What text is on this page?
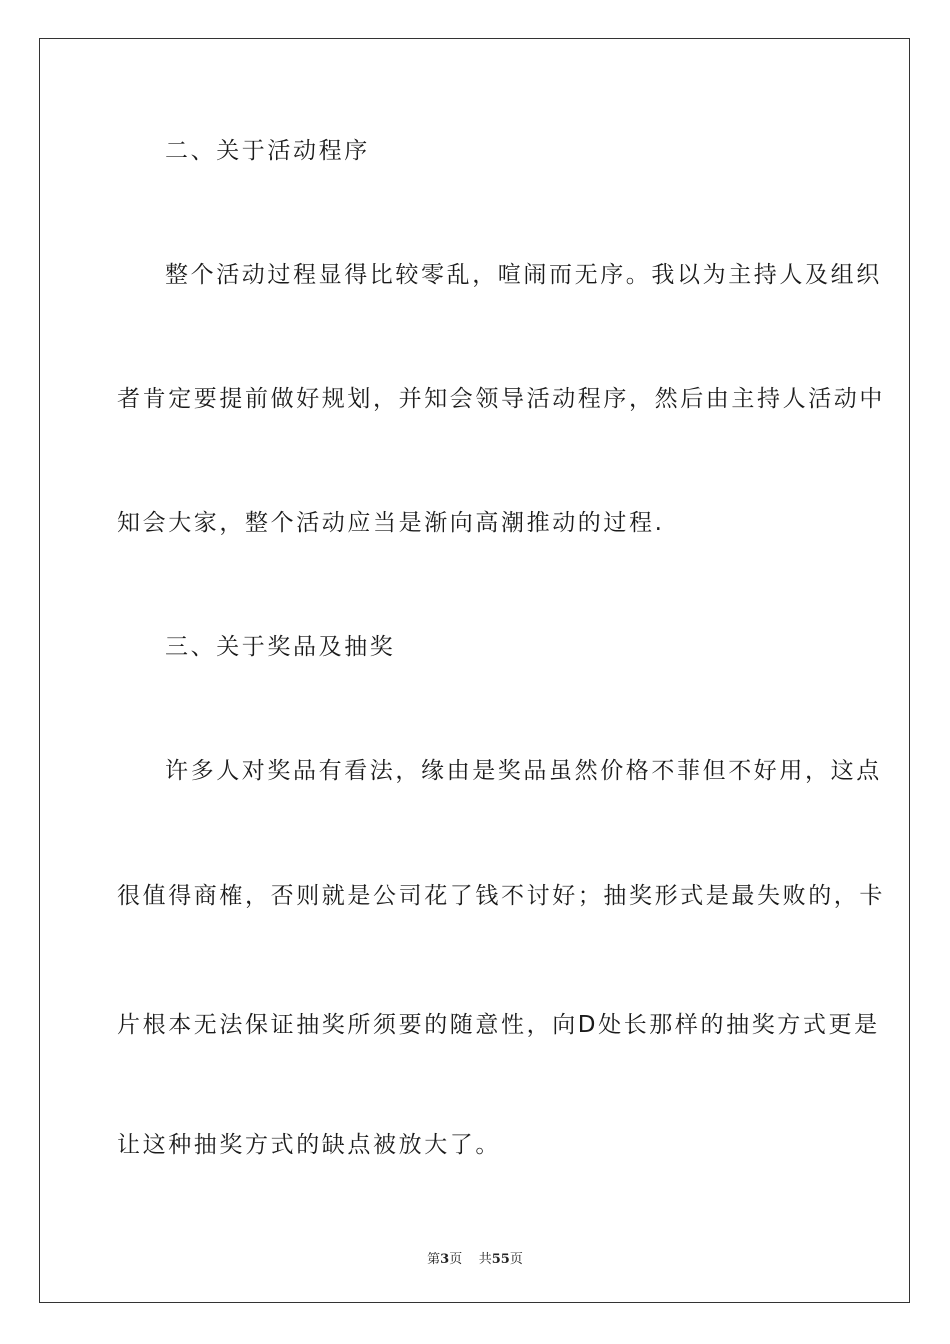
二、关于活动程序
整个活动过程显得比较零乱，喧闹而无序。我以为主持人及组织
者肯定要提前做好规划，并知会领导活动程序，然后由主持人活动中
知会大家，整个活动应当是渐向高潮推动的过程.
三、关于奖品及抽奖
许多人对奖品有看法，缘由是奖品虽然价格不菲但不好用，这点
很值得商榷，否则就是公司花了钱不讨好；抽奖形式是最失败的，卡
片根本无法保证抽奖所须要的随意性，向D处长那样的抽奖方式更是
让这种抽奖方式的缺点被放大了。
第3页 共55页
